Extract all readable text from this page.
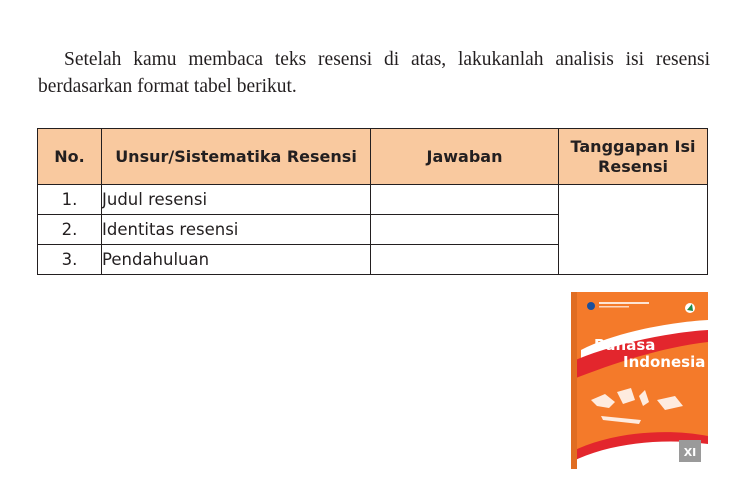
Setelah kamu membaca teks resensi di atas, lakukanlah analisis isi resensi berdasarkan format tabel berikut.

No.	Unsur/Sistematika Resensi	Jawaban	Tanggapan Isi Resensi
1.	Judul resensi		
2.	Identitas resensi		
3.	Pendahuluan		
Bahasa
Indonesia
XI
